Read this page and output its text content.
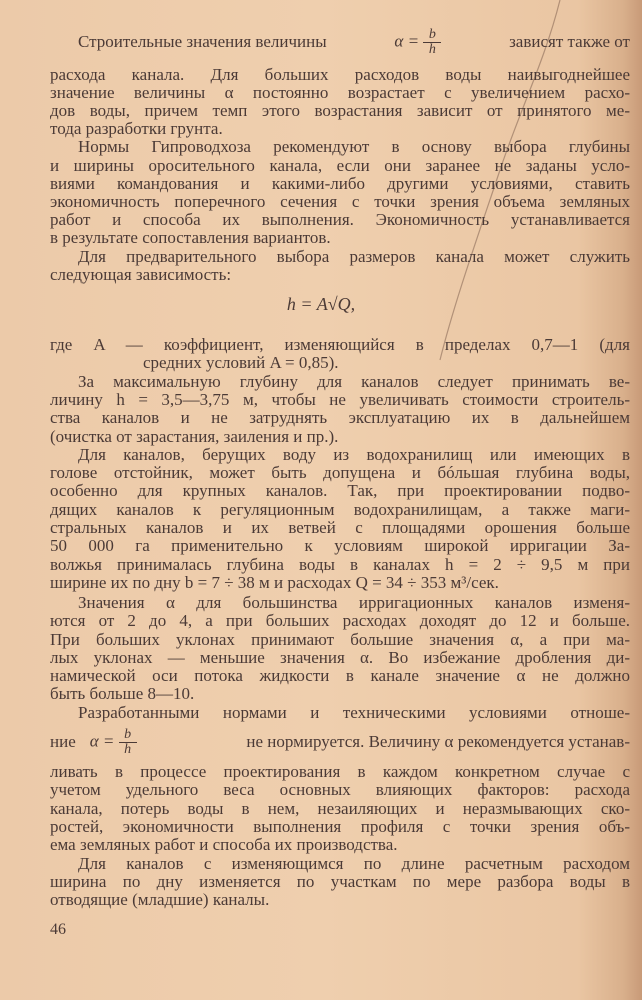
Строительные значения величины	$\alpha = \frac{b}{h}$	зависят также от
расхода канала. Для больших расходов воды наивыгоднейшее
значение величины α постоянно возрастает с увеличением расхо-
дов воды, причем темп этого возрастания зависит от принятого ме-
тода разработки грунта.
Нормы Гипроводхоза рекомендуют в основу выбора глубины
и ширины оросительного канала, если они заранее не заданы усло-
виями командования и какими-либо другими условиями, ставить
экономичность поперечного сечения с точки зрения объема земляных
работ и способа их выполнения. Экономичность устанавливается
в результате сопоставления вариантов.
Для предварительного выбора размеров канала может служить
следующая зависимость:
где A — коэффициент, изменяющийся в пределах 0,7—1 (для
средних условий A = 0,85).
За максимальную глубину для каналов следует принимать ве-
личину h = 3,5—3,75 м, чтобы не увеличивать стоимости строитель-
ства каналов и не затруднять эксплуатацию их в дальнейшем
(очистка от зарастания, заиления и пр.).
Для каналов, берущих воду из водохранилищ или имеющих в
голове отстойник, может быть допущена и бóльшая глубина воды,
особенно для крупных каналов. Так, при проектировании подво-
дящих каналов к регуляционным водохранилищам, а также маги-
стральных каналов и их ветвей с площадями орошения больше
50 000 га применительно к условиям широкой ирригации За-
волжья принималась глубина воды в каналах h = 2 ÷ 9,5 м при
ширине их по дну b = 7 ÷ 38 м и расходах Q = 34 ÷ 353 м³/сек.
Значения α для большинства ирригационных каналов изменя-
ются от 2 до 4, а при больших расходах доходят до 12 и больше.
При больших уклонах принимают большие значения α, а при ма-
лых уклонах — меньшие значения α. Во избежание дробления ди-
намической оси потока жидкости в канале значение α не должно
быть больше 8—10.
Разработанными нормами и техническими условиями отноше-
ливать в процессе проектирования в каждом конкретном случае с
учетом удельного веса основных влияющих факторов: расхода
канала, потерь воды в нем, незаиляющих и неразмывающих ско-
ростей, экономичности выполнения профиля с точки зрения объ-
ема земляных работ и способа их производства.
Для каналов с изменяющимся по длине расчетным расходом
ширина по дну изменяется по участкам по мере разбора воды в
отводящие (младшие) каналы.
h = A√Q,
ние $\alpha = \frac{b}{h}$	не нормируется. Величину α рекомендуется устанав-
46
